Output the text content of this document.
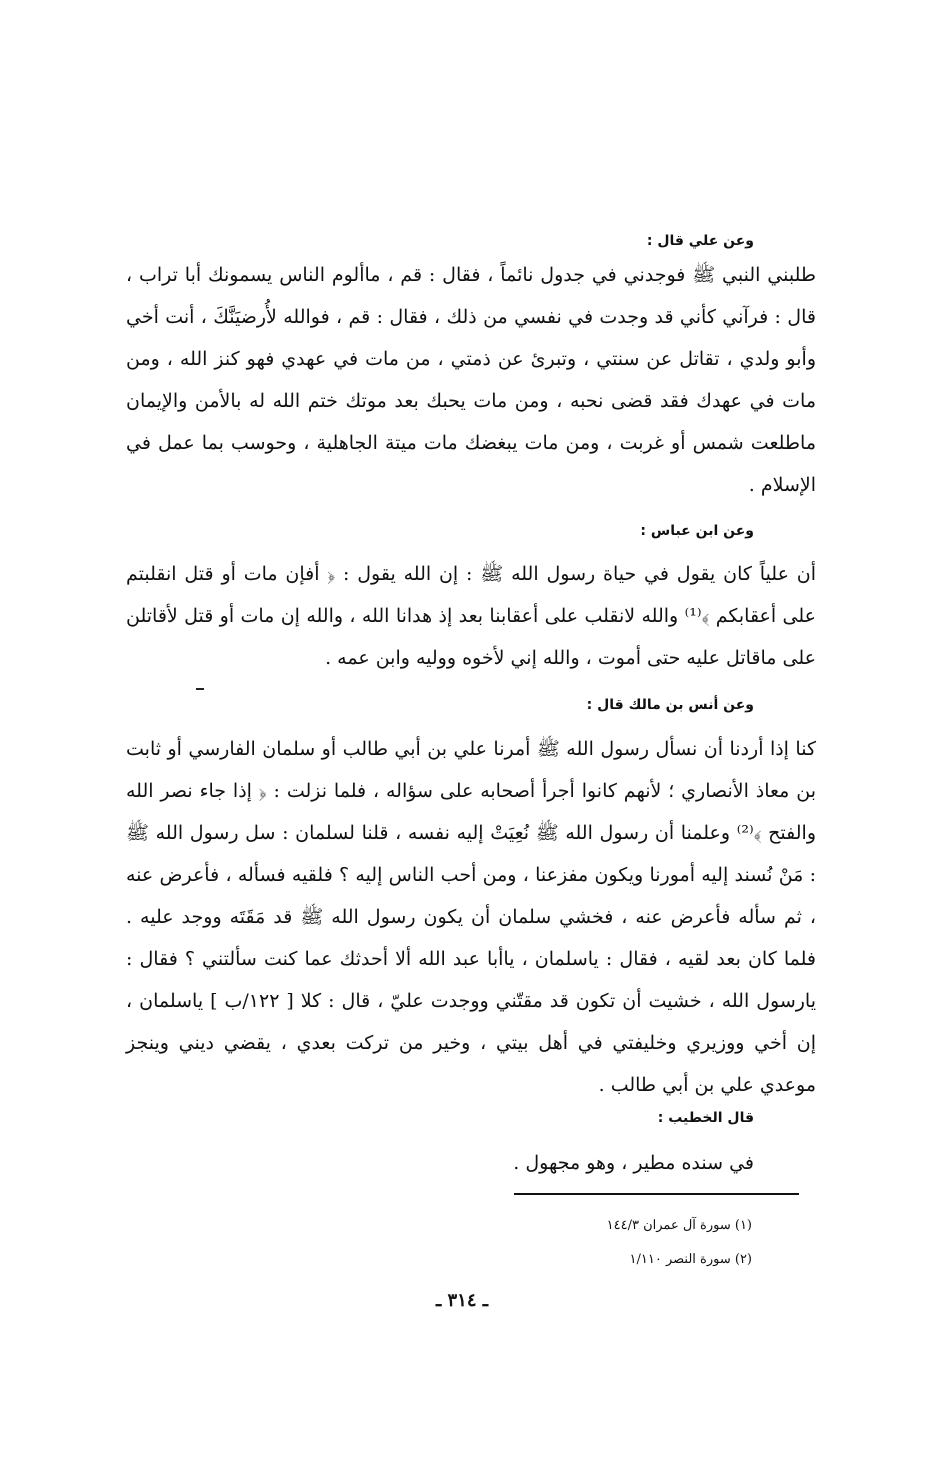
وعن علي قال :

طلبني النبي ﷺ فوجدني في جدول نائماً ، فقال : قم ، ماألوم الناس يسمونك أبا تراب ، قال : فرآني كأني قد وجدت في نفسي من ذلك ، فقال : قم ، فوالله لأُرضيَنَّكَ ، أنت أخي وأبو ولدي ، تقاتل عن سنتي ، وتبرئ عن ذمتي ، من مات في عهدي فهو كنز الله ، ومن مات في عهدك فقد قضى نحبه ، ومن مات يحبك بعد موتك ختم الله له بالأمن والإيمان ماطلعت شمس أو غربت ، ومن مات يبغضك مات ميتة الجاهلية ، وحوسب بما عمل في الإسلام .

وعن ابن عباس :

أن علياً كان يقول في حياة رسول الله ﷺ : إن الله يقول : ﴿ أفإن مات أو قتل انقلبتم على أعقابكم ﴾⁽¹⁾ والله لانقلب على أعقابنا بعد إذ هدانا الله ، والله إن مات أو قتل لأقاتلن على ماقاتل عليه حتى أموت ، والله إني لأخوه ووليه وابن عمه .

وعن أنس بن مالك قال :

كنا إذا أردنا أن نسأل رسول الله ﷺ أمرنا علي بن أبي طالب أو سلمان الفارسي أو ثابت بن معاذ الأنصاري ؛ لأنهم كانوا أجرأ أصحابه على سؤاله ، فلما نزلت : ﴿ إذا جاء نصر الله والفتح ﴾⁽²⁾ وعلمنا أن رسول الله ﷺ نُعِيَتْ إليه نفسه ، قلنا لسلمان : سل رسول الله ﷺ : مَنْ نُسند إليه أمورنا ويكون مفزعنا ، ومن أحب الناس إليه ؟ فلقيه فسأله ، فأعرض عنه ، ثم سأله فأعرض عنه ، فخشي سلمان أن يكون رسول الله ﷺ قد مَقَتَه ووجد عليه . فلما كان بعد لقيه ، فقال : ياسلمان ، ياأبا عبد الله ألا أحدثك عما كنت سألتني ؟ فقال : يارسول الله ، خشيت أن تكون قد مقتّني ووجدت عليّ ، قال : كلا [ ١٢٢/ب ] ياسلمان ، إن أخي ووزيري وخليفتي في أهل بيتي ، وخير من تركت بعدي ، يقضي ديني وينجز موعدي علي بن أبي طالب .

قال الخطيب :
في سنده مطير ، وهو مجهول .
(١) سورة آل عمران ١٤٤/٣
(٢) سورة النصر ١/١١٠
ـ ٣١٤ ـ
